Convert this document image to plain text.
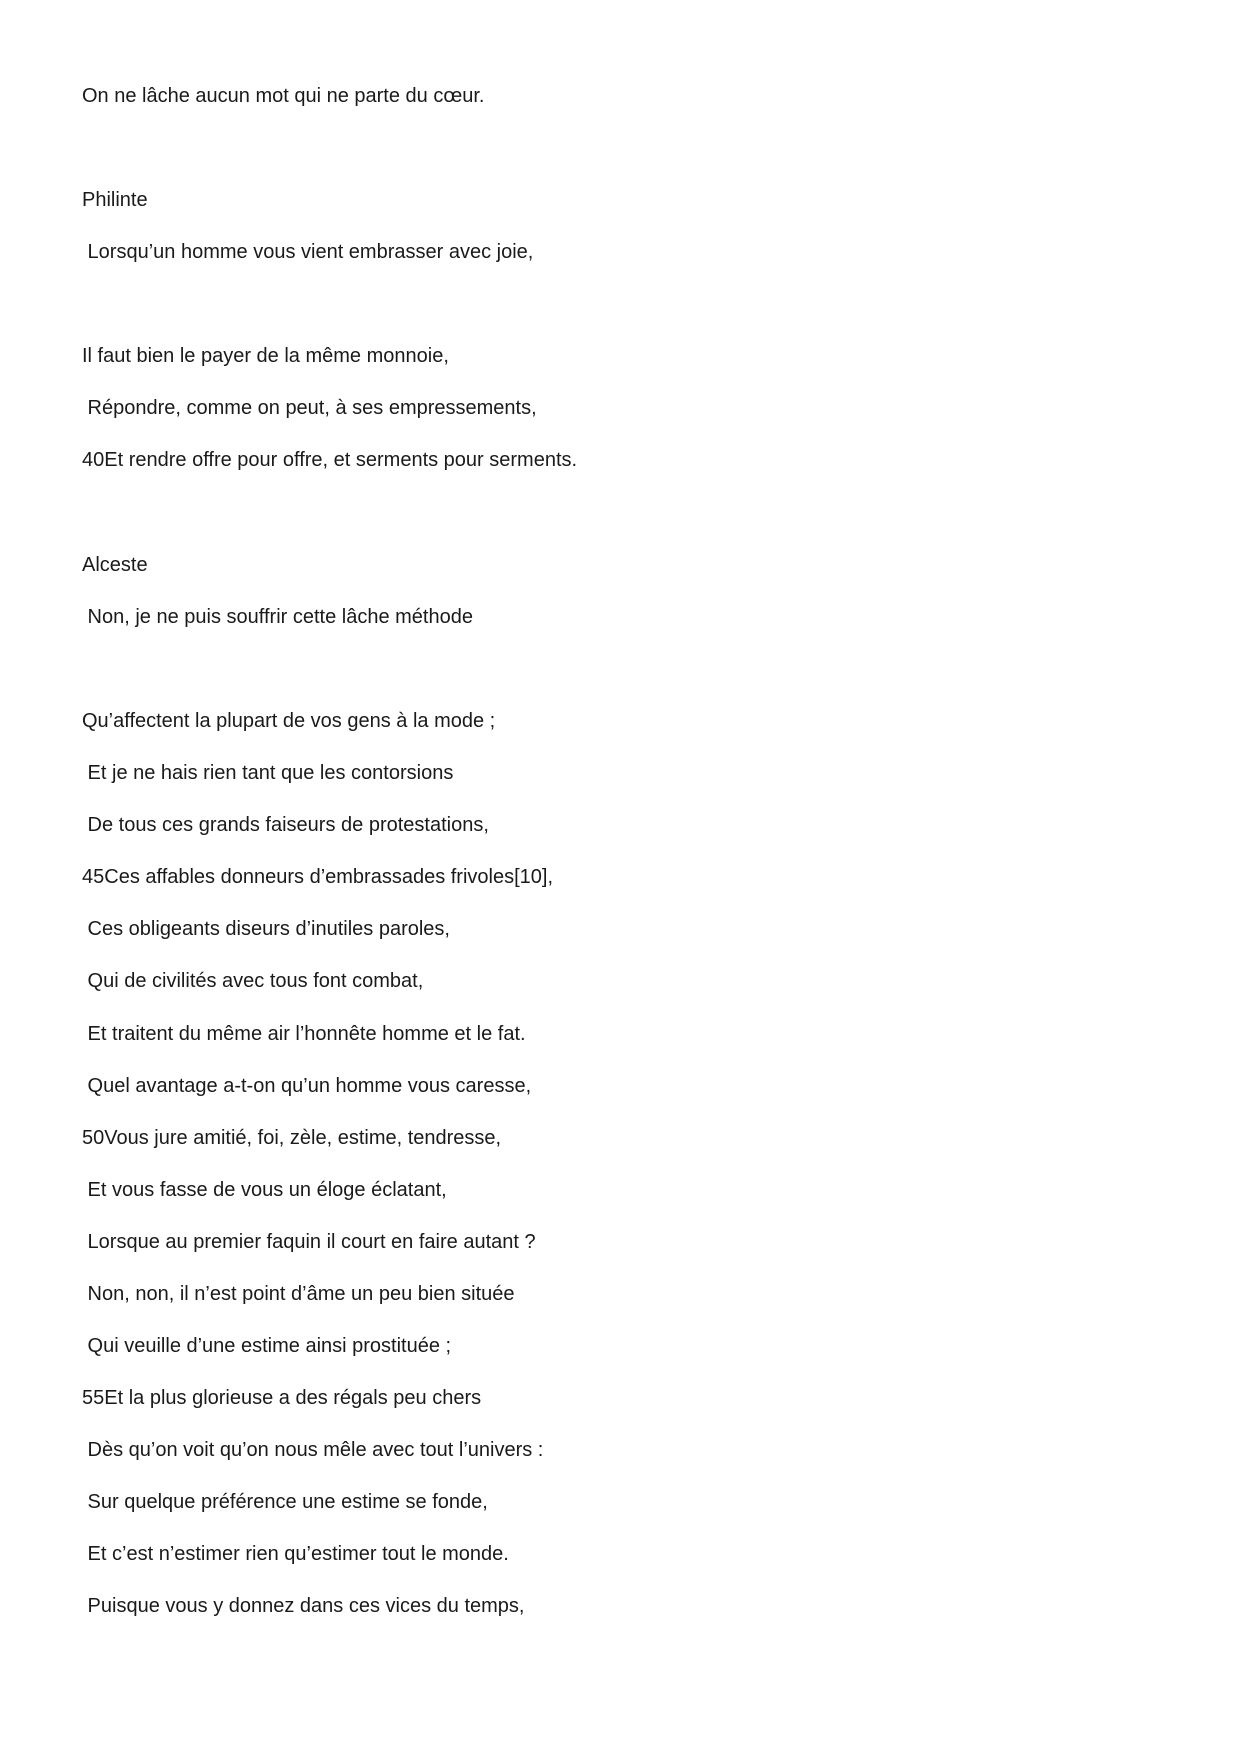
On ne lâche aucun mot qui ne parte du cœur.

Philinte

Lorsqu’un homme vous vient embrasser avec joie,

Il faut bien le payer de la même monnoie,

Répondre, comme on peut, à ses empressements,

40Et rendre offre pour offre, et serments pour serments.

Alceste

Non, je ne puis souffrir cette lâche méthode

Qu’affectent la plupart de vos gens à la mode ;

Et je ne hais rien tant que les contorsions

De tous ces grands faiseurs de protestations,

45Ces affables donneurs d’embrassades frivoles[10],

Ces obligeants diseurs d’inutiles paroles,

Qui de civilités avec tous font combat,

Et traitent du même air l’honnête homme et le fat.

Quel avantage a-t-on qu’un homme vous caresse,

50Vous jure amitié, foi, zèle, estime, tendresse,

Et vous fasse de vous un éloge éclatant,

Lorsque au premier faquin il court en faire autant ?

Non, non, il n’est point d’âme un peu bien située

Qui veuille d’une estime ainsi prostituée ;

55Et la plus glorieuse a des régals peu chers

Dès qu’on voit qu’on nous mêle avec tout l’univers :

Sur quelque préférence une estime se fonde,

Et c’est n’estimer rien qu’estimer tout le monde.

Puisque vous y donnez dans ces vices du temps,
